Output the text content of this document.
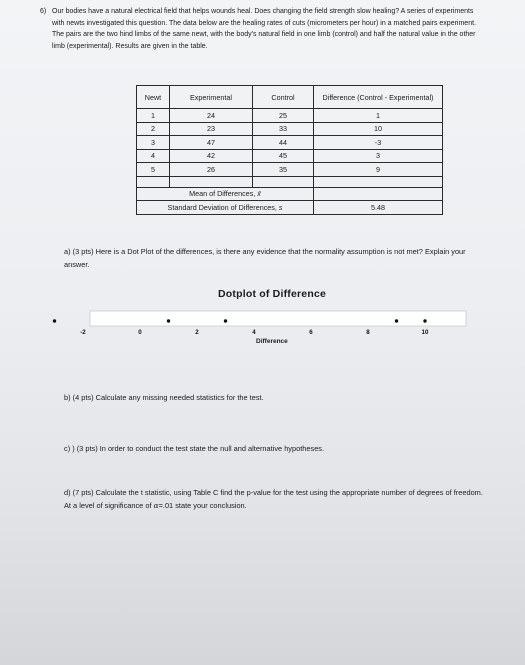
6) Our bodies have a natural electrical field that helps wounds heal. Does changing the field strength slow healing? A series of experiments with newts investigated this question. The data below are the healing rates of cuts (micrometers per hour) in a matched pairs experiment. The pairs are the two hind limbs of the same newt, with the body's natural field in one limb (control) and half the natural value in the other limb (experimental). Results are given in the table.
Newt	Experimental	Control	Difference (Control - Experimental)
1	24	25	1
2	23	33	10
3	47	44	-3
4	42	45	3
5	26	35	9

Mean of Differences, x̄			
Standard Deviation of Differences, s			5.48
a) (3 pts) Here is a Dot Plot of the differences, is there any evidence that the normality assumption is not met? Explain your answer.
Dotplot of Difference
-2	0	2	4	6	8	10
Difference
b) (4 pts) Calculate any missing needed statistics for the test.
c) ) (3 pts) In order to conduct the test state the null and alternative hypotheses.
d) (7 pts) Calculate the t statistic, using Table C find the p-value for the test using the appropriate number of degrees of freedom. At a level of significance of α=.01 state your conclusion.
